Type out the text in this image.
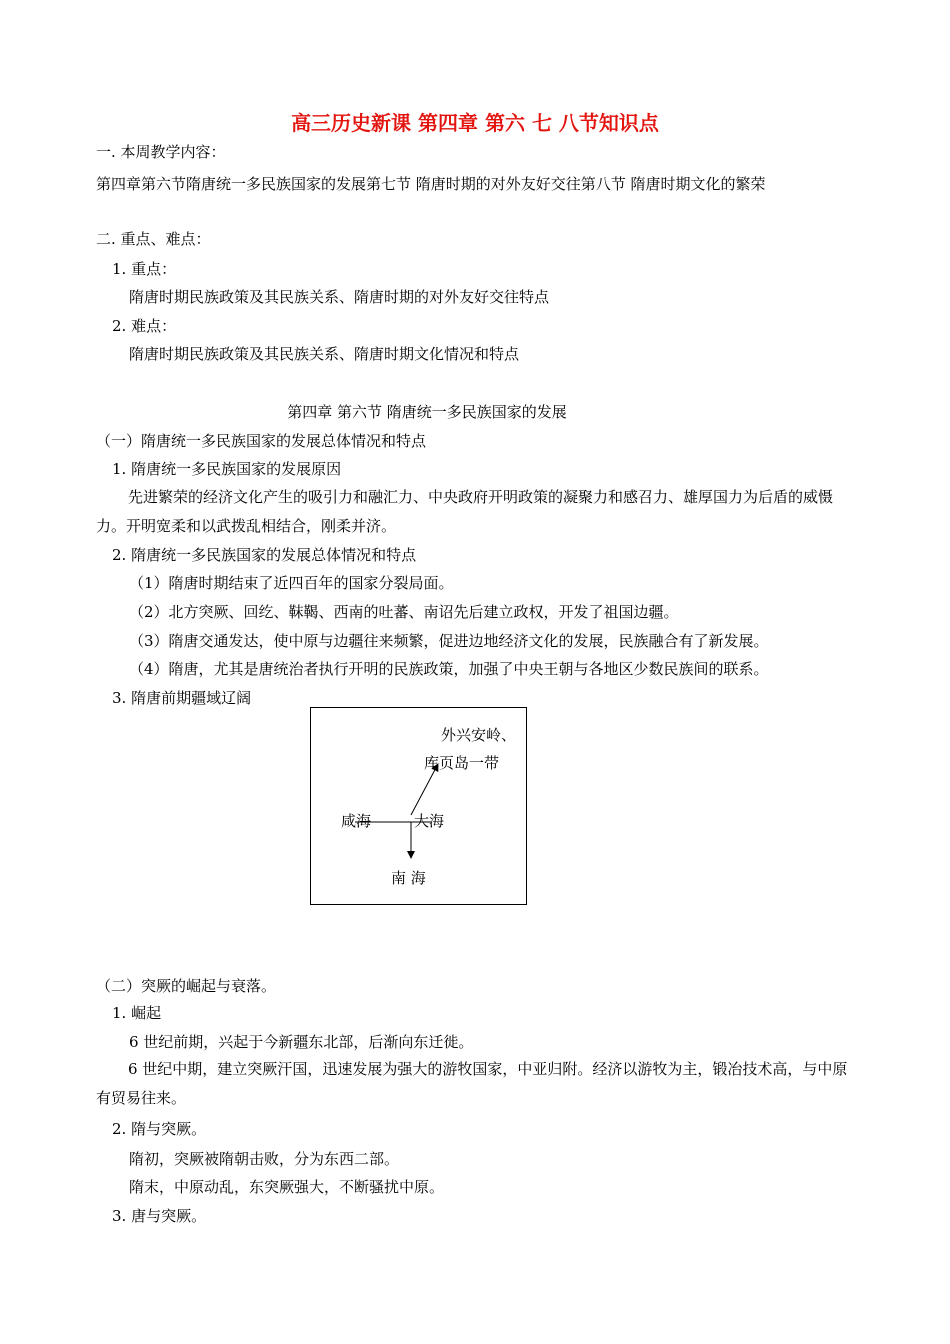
高三历史新课 第四章 第六 七 八节知识点
一. 本周教学内容：
第四章第六节隋唐统一多民族国家的发展第七节 隋唐时期的对外友好交往第八节 隋唐时期文化的繁荣
二. 重点、难点：
1. 重点：
隋唐时期民族政策及其民族关系、隋唐时期的对外友好交往特点
2. 难点：
隋唐时期民族政策及其民族关系、隋唐时期文化情况和特点
第四章 第六节 隋唐统一多民族国家的发展
（一）隋唐统一多民族国家的发展总体情况和特点
1. 隋唐统一多民族国家的发展原因
先进繁荣的经济文化产生的吸引力和融汇力、中央政府开明政策的凝聚力和感召力、雄厚国力为后盾的威慑力。开明宽柔和以武拨乱相结合，刚柔并济。
2. 隋唐统一多民族国家的发展总体情况和特点
（1）隋唐时期结束了近四百年的国家分裂局面。
（2）北方突厥、回纥、靺鞨、西南的吐蕃、南诏先后建立政权，开发了祖国边疆。
（3）隋唐交通发达，使中原与边疆往来频繁，促进边地经济文化的发展，民族融合有了新发展。
（4）隋唐，尤其是唐统治者执行开明的民族政策，加强了中央王朝与各地区少数民族间的联系。
3. 隋唐前期疆域辽阔
外兴安岭、
库页岛一带
咸海	大海
南 海
（二）突厥的崛起与衰落。
1. 崛起
6 世纪前期，兴起于今新疆东北部，后渐向东迁徙。
6 世纪中期，建立突厥汗国，迅速发展为强大的游牧国家，中亚归附。经济以游牧为主，锻冶技术高，与中原有贸易往来。
2. 隋与突厥。
隋初，突厥被隋朝击败，分为东西二部。
隋末，中原动乱，东突厥强大，不断骚扰中原。
3. 唐与突厥。
